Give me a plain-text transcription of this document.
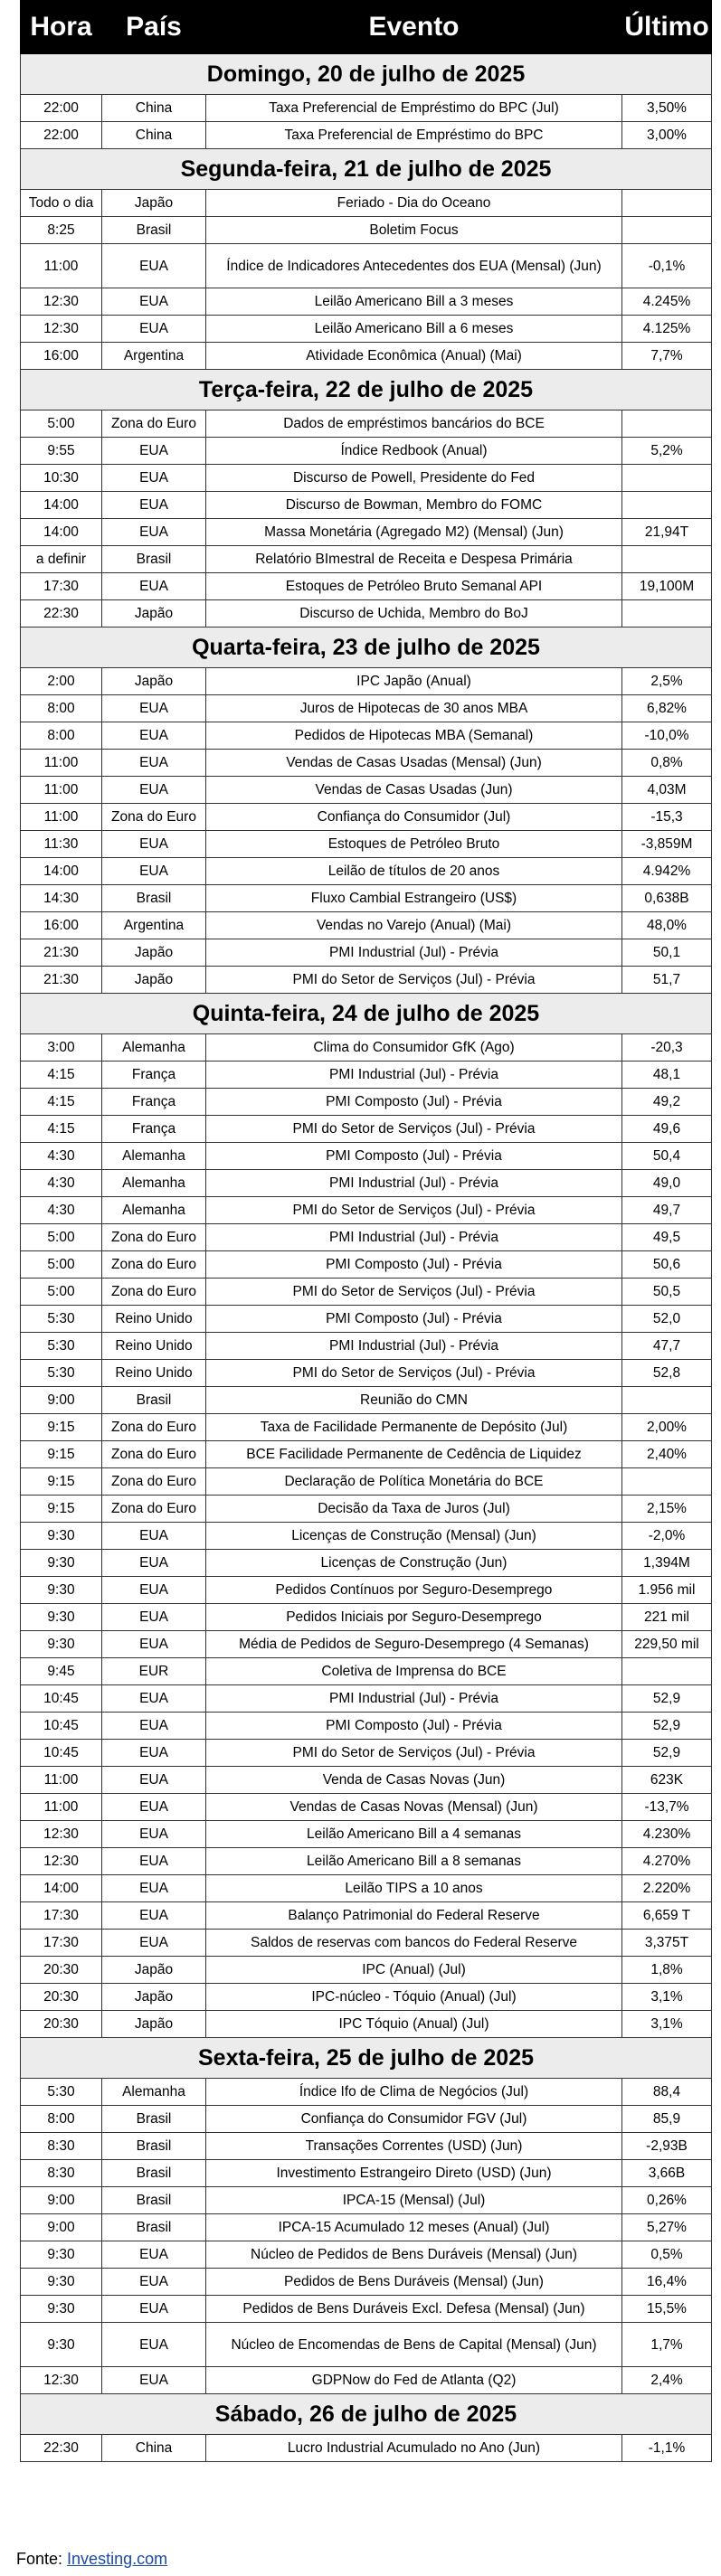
Hora	País	Evento	Último
Domingo, 20 de julho de 2025			
22:00	China	Taxa Preferencial de Empréstimo do BPC (Jul)	3,50%
22:00	China	Taxa Preferencial de Empréstimo do BPC	3,00%
Segunda-feira, 21 de julho de 2025			
Todo o dia	Japão	Feriado - Dia do Oceano	
8:25	Brasil	Boletim Focus	
11:00	EUA	Índice de Indicadores Antecedentes dos EUA (Mensal) (Jun)	-0,1%
12:30	EUA	Leilão Americano Bill a 3 meses	4.245%
12:30	EUA	Leilão Americano Bill a 6 meses	4.125%
16:00	Argentina	Atividade Econômica (Anual) (Mai)	7,7%
Terça-feira, 22 de julho de 2025			
5:00	Zona do Euro	Dados de empréstimos bancários do BCE	
9:55	EUA	Índice Redbook (Anual)	5,2%
10:30	EUA	Discurso de Powell, Presidente do Fed	
14:00	EUA	Discurso de Bowman, Membro do FOMC	
14:00	EUA	Massa Monetária (Agregado M2) (Mensal) (Jun)	21,94T
a definir	Brasil	Relatório BImestral de Receita e Despesa Primária	
17:30	EUA	Estoques de Petróleo Bruto Semanal API	19,100M
22:30	Japão	Discurso de Uchida, Membro do BoJ	
Quarta-feira, 23 de julho de 2025			
2:00	Japão	IPC Japão (Anual)	2,5%
8:00	EUA	Juros de Hipotecas de 30 anos MBA	6,82%
8:00	EUA	Pedidos de Hipotecas MBA (Semanal)	-10,0%
11:00	EUA	Vendas de Casas Usadas (Mensal) (Jun)	0,8%
11:00	EUA	Vendas de Casas Usadas (Jun)	4,03M
11:00	Zona do Euro	Confiança do Consumidor (Jul)	-15,3
11:30	EUA	Estoques de Petróleo Bruto	-3,859M
14:00	EUA	Leilão de títulos de 20 anos	4.942%
14:30	Brasil	Fluxo Cambial Estrangeiro (US$)	0,638B
16:00	Argentina	Vendas no Varejo (Anual) (Mai)	48,0%
21:30	Japão	PMI Industrial (Jul) - Prévia	50,1
21:30	Japão	PMI do Setor de Serviços (Jul) - Prévia	51,7
Quinta-feira, 24 de julho de 2025			
3:00	Alemanha	Clima do Consumidor GfK (Ago)	-20,3
4:15	França	PMI Industrial (Jul) - Prévia	48,1
4:15	França	PMI Composto (Jul) - Prévia	49,2
4:15	França	PMI do Setor de Serviços (Jul) - Prévia	49,6
4:30	Alemanha	PMI Composto (Jul) - Prévia	50,4
4:30	Alemanha	PMI Industrial (Jul) - Prévia	49,0
4:30	Alemanha	PMI do Setor de Serviços (Jul) - Prévia	49,7
5:00	Zona do Euro	PMI Industrial (Jul) - Prévia	49,5
5:00	Zona do Euro	PMI Composto (Jul) - Prévia	50,6
5:00	Zona do Euro	PMI do Setor de Serviços (Jul) - Prévia	50,5
5:30	Reino Unido	PMI Composto (Jul) - Prévia	52,0
5:30	Reino Unido	PMI Industrial (Jul) - Prévia	47,7
5:30	Reino Unido	PMI do Setor de Serviços (Jul) - Prévia	52,8
9:00	Brasil	Reunião do CMN	
9:15	Zona do Euro	Taxa de Facilidade Permanente de Depósito (Jul)	2,00%
9:15	Zona do Euro	BCE Facilidade Permanente de Cedência de Liquidez	2,40%
9:15	Zona do Euro	Declaração de Política Monetária do BCE	
9:15	Zona do Euro	Decisão da Taxa de Juros (Jul)	2,15%
9:30	EUA	Licenças de Construção (Mensal) (Jun)	-2,0%
9:30	EUA	Licenças de Construção (Jun)	1,394M
9:30	EUA	Pedidos Contínuos por Seguro-Desemprego	1.956 mil
9:30	EUA	Pedidos Iniciais por Seguro-Desemprego	221 mil
9:30	EUA	Média de Pedidos de Seguro-Desemprego (4 Semanas)	229,50 mil
9:45	EUR	Coletiva de Imprensa do BCE	
10:45	EUA	PMI Industrial (Jul) - Prévia	52,9
10:45	EUA	PMI Composto (Jul) - Prévia	52,9
10:45	EUA	PMI do Setor de Serviços (Jul) - Prévia	52,9
11:00	EUA	Venda de Casas Novas (Jun)	623K
11:00	EUA	Vendas de Casas Novas (Mensal) (Jun)	-13,7%
12:30	EUA	Leilão Americano Bill a 4 semanas	4.230%
12:30	EUA	Leilão Americano Bill a 8 semanas	4.270%
14:00	EUA	Leilão TIPS a 10 anos	2.220%
17:30	EUA	Balanço Patrimonial do Federal Reserve	6,659 T
17:30	EUA	Saldos de reservas com bancos do Federal Reserve	3,375T
20:30	Japão	IPC (Anual) (Jul)	1,8%
20:30	Japão	IPC-núcleo - Tóquio (Anual) (Jul)	3,1%
20:30	Japão	IPC Tóquio (Anual) (Jul)	3,1%
Sexta-feira, 25 de julho de 2025			
5:30	Alemanha	Índice Ifo de Clima de Negócios (Jul)	88,4
8:00	Brasil	Confiança do Consumidor FGV (Jul)	85,9
8:30	Brasil	Transações Correntes (USD) (Jun)	-2,93B
8:30	Brasil	Investimento Estrangeiro Direto (USD) (Jun)	3,66B
9:00	Brasil	IPCA-15 (Mensal) (Jul)	0,26%
9:00	Brasil	IPCA-15 Acumulado 12 meses (Anual) (Jul)	5,27%
9:30	EUA	Núcleo de Pedidos de Bens Duráveis (Mensal) (Jun)	0,5%
9:30	EUA	Pedidos de Bens Duráveis (Mensal) (Jun)	16,4%
9:30	EUA	Pedidos de Bens Duráveis Excl. Defesa (Mensal) (Jun)	15,5%
9:30	EUA	Núcleo de Encomendas de Bens de Capital (Mensal) (Jun)	1,7%
12:30	EUA	GDPNow do Fed de Atlanta (Q2)	2,4%
Sábado, 26 de julho de 2025			
22:30	China	Lucro Industrial Acumulado no Ano (Jun)	-1,1%
Fonte: Investing.com
